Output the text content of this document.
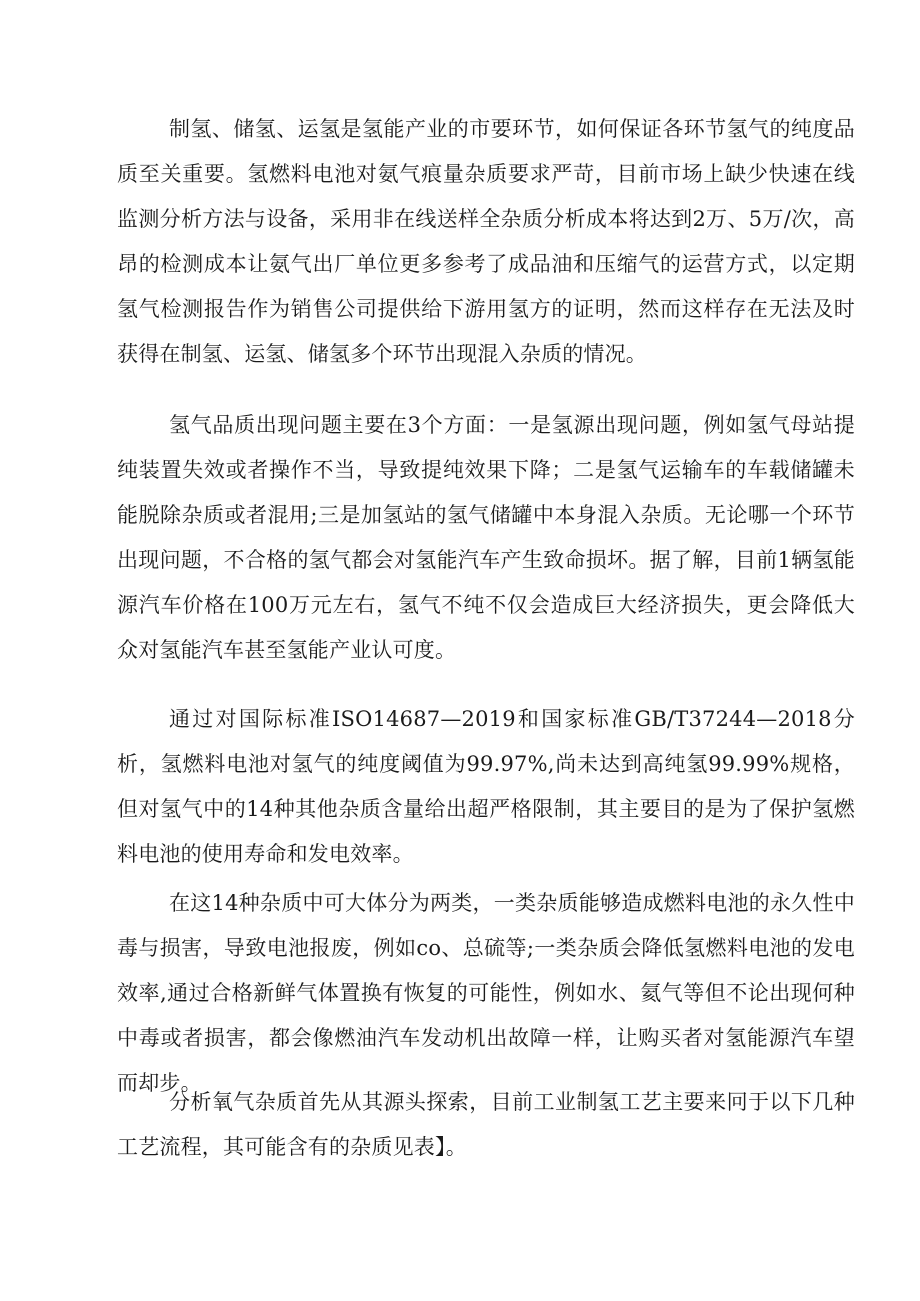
制氢、储氢、运氢是氢能产业的市要环节，如何保证各环节氢气的纯度品质至关重要。氢燃料电池对氨气痕量杂质要求严苛，目前市场上缺少快速在线监测分析方法与设备，采用非在线送样全杂质分析成本将达到2万、5万/次，高昂的检测成本让氨气出厂单位更多参考了成品油和压缩气的运营方式，以定期氢气检测报告作为销售公司提供给下游用氢方的证明，然而这样存在无法及时获得在制氢、运氢、储氢多个环节出现混入杂质的情况。

氢气品质出现问题主要在3个方面：一是氢源出现问题，例如氢气母站提纯装置失效或者操作不当，导致提纯效果下降；二是氢气运输车的车载储罐未能脱除杂质或者混用;三是加氢站的氢气储罐中本身混入杂质。无论哪一个环节出现问题，不合格的氢气都会对氢能汽车产生致命损坏。据了解，目前1辆氢能源汽车价格在100万元左右，氢气不纯不仅会造成巨大经济损失，更会降低大众对氢能汽车甚至氢能产业认可度。

通过对国际标准ISO14687—2019和国家标准GB/T37244—2018分析，氢燃料电池对氢气的纯度阈值为99.97%,尚未达到高纯氢99.99%规格，但对氢气中的14种其他杂质含量给出超严格限制，其主要目的是为了保护氢燃料电池的使用寿命和发电效率。

在这14种杂质中可大体分为两类，一类杂质能够造成燃料电池的永久性中毒与损害，导致电池报废，例如co、总硫等;一类杂质会降低氢燃料电池的发电效率,通过合格新鲜气体置换有恢复的可能性，例如水、氦气等但不论出现何种中毒或者损害，都会像燃油汽车发动机出故障一样，让购买者对氢能源汽车望而却步。

分析氧气杂质首先从其源头探索，目前工业制氢工艺主要来冋于以下几种工艺流程，其可能含有的杂质见表】。
